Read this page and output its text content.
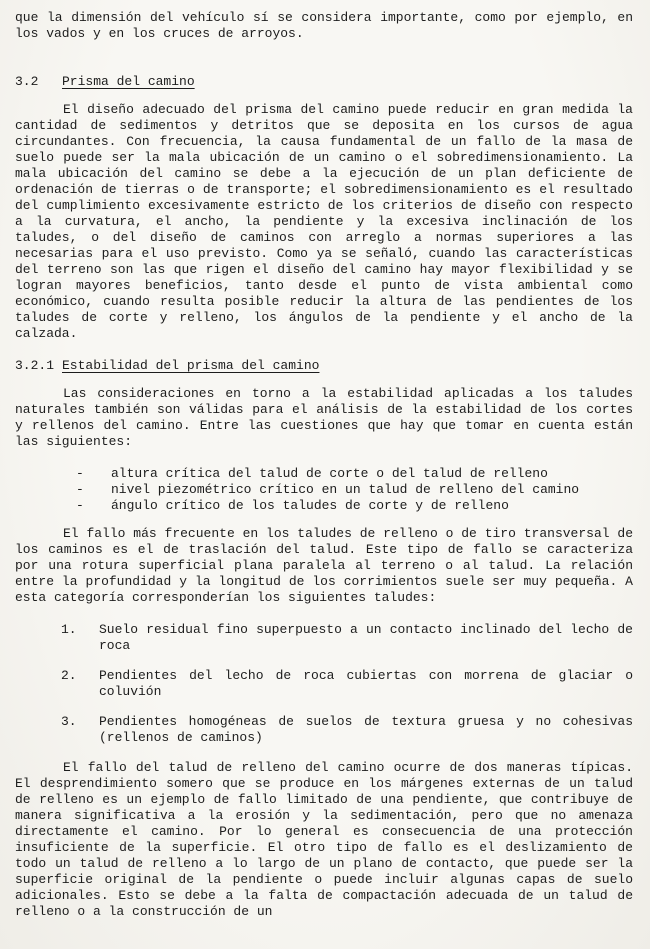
que la dimensión del vehículo sí se considera importante, como por ejemplo, en los vados y en los cruces de arroyos.

3.2 Prisma del camino

El diseño adecuado del prisma del camino puede reducir en gran medida la cantidad de sedimentos y detritos que se deposita en los cursos de agua circundantes. Con frecuencia, la causa fundamental de un fallo de la masa de suelo puede ser la mala ubicación de un camino o el sobredimensionamiento. La mala ubicación del camino se debe a la ejecución de un plan deficiente de ordenación de tierras o de transporte; el sobredimensionamiento es el resultado del cumplimiento excesivamente estricto de los criterios de diseño con respecto a la curvatura, el ancho, la pendiente y la excesiva inclinación de los taludes, o del diseño de caminos con arreglo a normas superiores a las necesarias para el uso previsto. Como ya se señaló, cuando las características del terreno son las que rigen el diseño del camino hay mayor flexibilidad y se logran mayores beneficios, tanto desde el punto de vista ambiental como económico, cuando resulta posible reducir la altura de las pendientes de los taludes de corte y relleno, los ángulos de la pendiente y el ancho de la calzada.

3.2.1 Estabilidad del prisma del camino

Las consideraciones en torno a la estabilidad aplicadas a los taludes naturales también son válidas para el análisis de la estabilidad de los cortes y rellenos del camino. Entre las cuestiones que hay que tomar en cuenta están las siguientes:

-	altura crítica del talud de corte o del talud de relleno
-	nivel piezométrico crítico en un talud de relleno del camino
-	ángulo crítico de los taludes de corte y de relleno

El fallo más frecuente en los taludes de relleno o de tiro transversal de los caminos es el de traslación del talud. Este tipo de fallo se caracteriza por una rotura superficial plana paralela al terreno o al talud. La relación entre la profundidad y la longitud de los corrimientos suele ser muy pequeña. A esta categoría corresponderían los siguientes taludes:

1.	Suelo residual fino superpuesto a un contacto inclinado del lecho de roca
2.	Pendientes del lecho de roca cubiertas con morrena de glaciar o coluvión
3.	Pendientes homogéneas de suelos de textura gruesa y no cohesivas (rellenos de caminos)

El fallo del talud de relleno del camino ocurre de dos maneras típicas. El desprendimiento somero que se produce en los márgenes externas de un talud de relleno es un ejemplo de fallo limitado de una pendiente, que contribuye de manera significativa a la erosión y la sedimentación, pero que no amenaza directamente el camino. Por lo general es consecuencia de una protección insuficiente de la superficie. El otro tipo de fallo es el deslizamiento de todo un talud de relleno a lo largo de un plano de contacto, que puede ser la superficie original de la pendiente o puede incluir algunas capas de suelo adicionales. Esto se debe a la falta de compactación adecuada de un talud de relleno o a la construcción de un
